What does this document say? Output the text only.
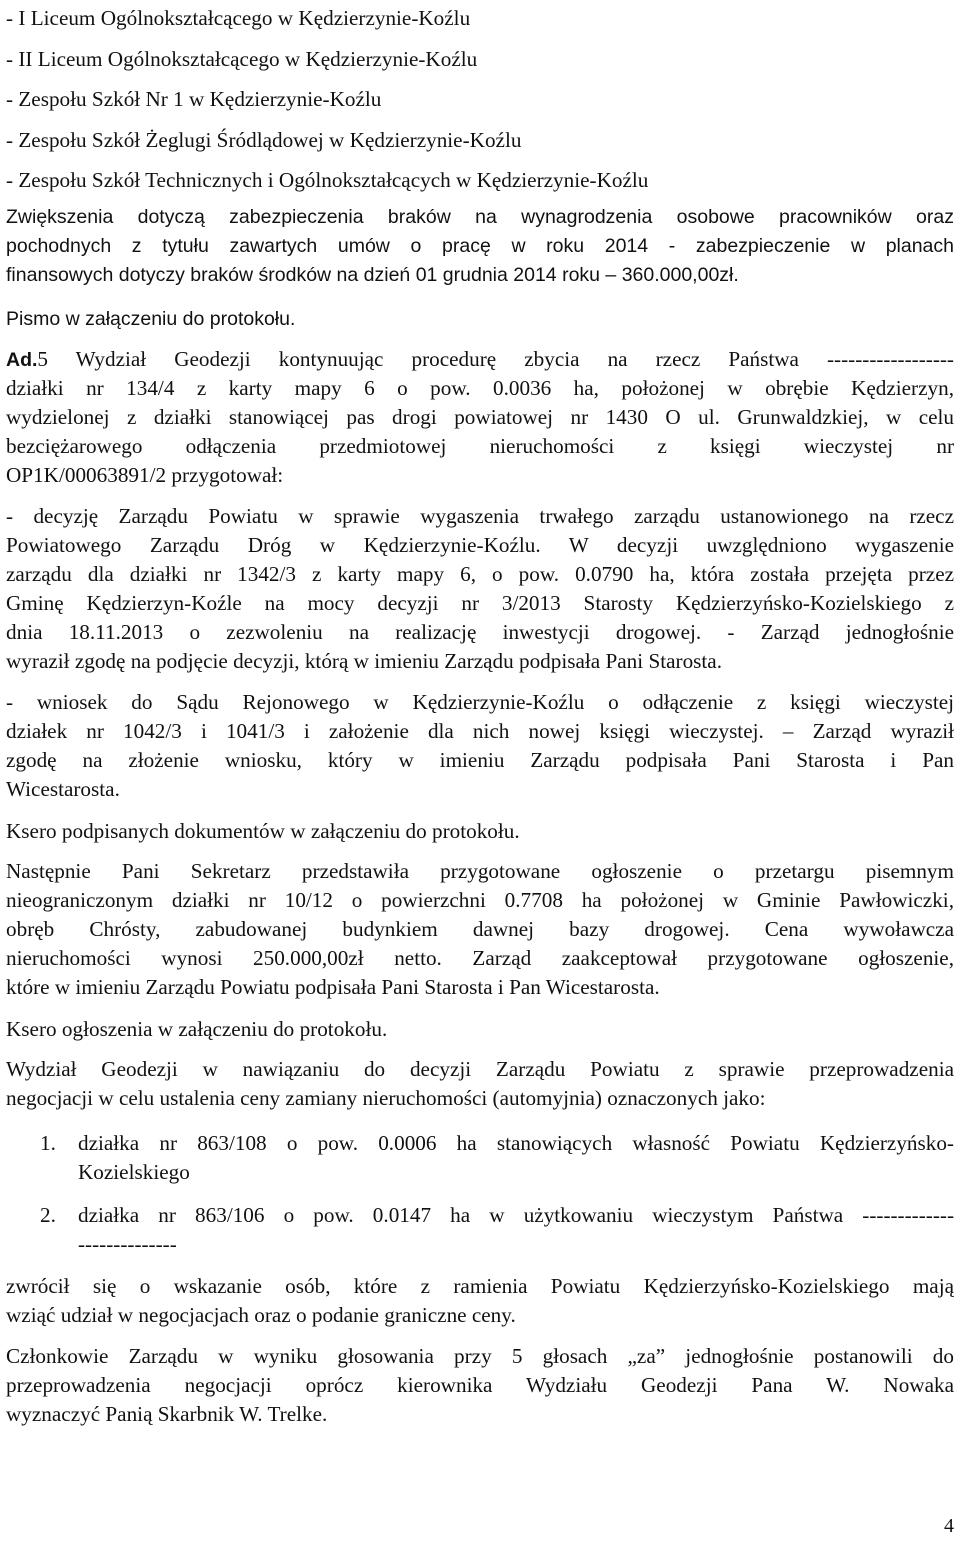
- I Liceum Ogólnokształcącego w Kędzierzynie-Koźlu
- II Liceum Ogólnokształcącego w Kędzierzynie-Koźlu
- Zespołu Szkół Nr 1 w Kędzierzynie-Koźlu
- Zespołu Szkół Żeglugi Śródlądowej w Kędzierzynie-Koźlu
- Zespołu Szkół Technicznych i Ogólnokształcących w Kędzierzynie-Koźlu
Zwiększenia dotyczą zabezpieczenia braków na wynagrodzenia osobowe pracowników oraz
pochodnych z tytułu zawartych umów o pracę w roku 2014 - zabezpieczenie w planach
finansowych dotyczy braków środków na dzień 01 grudnia 2014 roku – 360.000,00zł.
Pismo w załączeniu do protokołu.
Ad.5 Wydział Geodezji kontynuując procedurę zbycia na rzecz Państwa ------------------
działki nr 134/4 z karty mapy 6 o pow. 0.0036 ha, położonej w obrębie Kędzierzyn,
wydzielonej z działki stanowiącej pas drogi powiatowej nr 1430 O ul. Grunwaldzkiej, w celu
bezciężarowego odłączenia przedmiotowej nieruchomości z księgi wieczystej nr
OP1K/00063891/2 przygotował:
- decyzję Zarządu Powiatu w sprawie wygaszenia trwałego zarządu ustanowionego na rzecz
Powiatowego Zarządu Dróg w Kędzierzynie-Koźlu. W decyzji uwzględniono wygaszenie
zarządu dla działki nr 1342/3 z karty mapy 6, o pow. 0.0790 ha, która została przejęta przez
Gminę Kędzierzyn-Koźle na mocy decyzji nr 3/2013 Starosty Kędzierzyńsko-Kozielskiego z
dnia 18.11.2013 o zezwoleniu na realizację inwestycji drogowej. - Zarząd jednogłośnie
wyraził zgodę na podjęcie decyzji, którą w imieniu Zarządu podpisała Pani Starosta.
- wniosek do Sądu Rejonowego w Kędzierzynie-Koźlu o odłączenie z księgi wieczystej
działek nr 1042/3 i 1041/3 i założenie dla nich nowej księgi wieczystej. – Zarząd wyraził
zgodę na złożenie wniosku, który w imieniu Zarządu podpisała Pani Starosta i Pan
Wicestarosta.
Ksero podpisanych dokumentów w załączeniu do protokołu.
Następnie Pani Sekretarz przedstawiła przygotowane ogłoszenie o przetargu pisemnym
nieograniczonym działki nr 10/12 o powierzchni 0.7708 ha położonej w Gminie Pawłowiczki,
obręb Chrósty, zabudowanej budynkiem dawnej bazy drogowej. Cena wywoławcza
nieruchomości wynosi 250.000,00zł netto. Zarząd zaakceptował przygotowane ogłoszenie,
które w imieniu Zarządu Powiatu podpisała Pani Starosta i Pan Wicestarosta.
Ksero ogłoszenia w załączeniu do protokołu.
Wydział Geodezji w nawiązaniu do decyzji Zarządu Powiatu z sprawie przeprowadzenia
negocjacji w celu ustalenia ceny zamiany nieruchomości (automyjnia) oznaczonych jako:
1. działka nr 863/108 o pow. 0.0006 ha stanowiących własność Powiatu Kędzierzyńsko-
Kozielskiego
2. działka nr 863/106 o pow. 0.0147 ha w użytkowaniu wieczystym Państwa -------------
--------------
zwrócił się o wskazanie osób, które z ramienia Powiatu Kędzierzyńsko-Kozielskiego mają
wziąć udział w negocjacjach oraz o podanie graniczne ceny.
Członkowie Zarządu w wyniku głosowania przy 5 głosach „za” jednogłośnie postanowili do
przeprowadzenia negocjacji oprócz kierownika Wydziału Geodezji Pana W. Nowaka
wyznaczyć Panią Skarbnik W. Trelke.
4
